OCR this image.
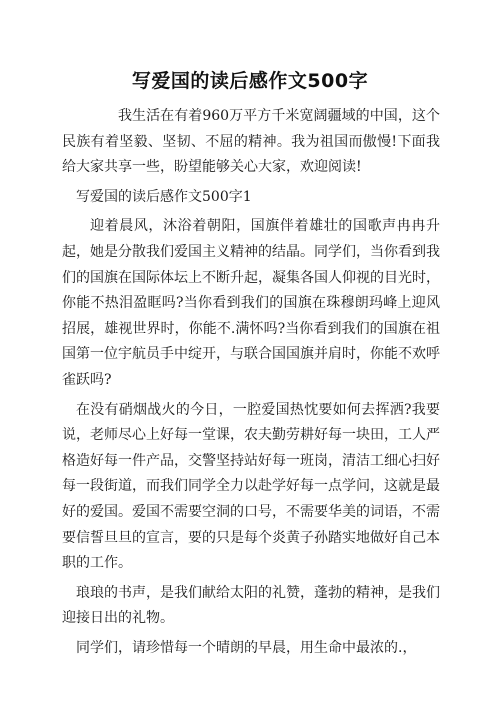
写爱国的读后感作文500字

我生活在有着960万平方千米宽阔疆域的中国，这个民族有着坚毅、坚韧、不屈的精神。我为祖国而傲慢!下面我给大家共享一些，盼望能够关心大家，欢迎阅读!

写爱国的读后感作文500字1

迎着晨风，沐浴着朝阳，国旗伴着雄壮的国歌声冉冉升起，她是分散我们爱国主义精神的结晶。同学们，当你看到我们的国旗在国际体坛上不断升起，凝集各国人仰视的目光时，你能不热泪盈眶吗?当你看到我们的国旗在珠穆朗玛峰上迎风招展，雄视世界时，你能不.满怀吗?当你看到我们的国旗在祖国第一位宇航员手中绽开，与联合国国旗并肩时，你能不欢呼雀跃吗?

在没有硝烟战火的今日，一腔爱国热忱要如何去挥洒?我要说，老师尽心上好每一堂课，农夫勤劳耕好每一块田，工人严格造好每一件产品，交警坚持站好每一班岗，清洁工细心扫好每一段街道，而我们同学全力以赴学好每一点学问，这就是最好的爱国。爱国不需要空洞的口号，不需要华美的词语，不需要信誓旦旦的宣言，要的只是每个炎黄子孙踏实地做好自己本职的工作。

琅琅的书声，是我们献给太阳的礼赞，蓬勃的精神，是我们迎接日出的礼物。

同学们，请珍惜每一个晴朗的早晨，用生命中最浓的.，
